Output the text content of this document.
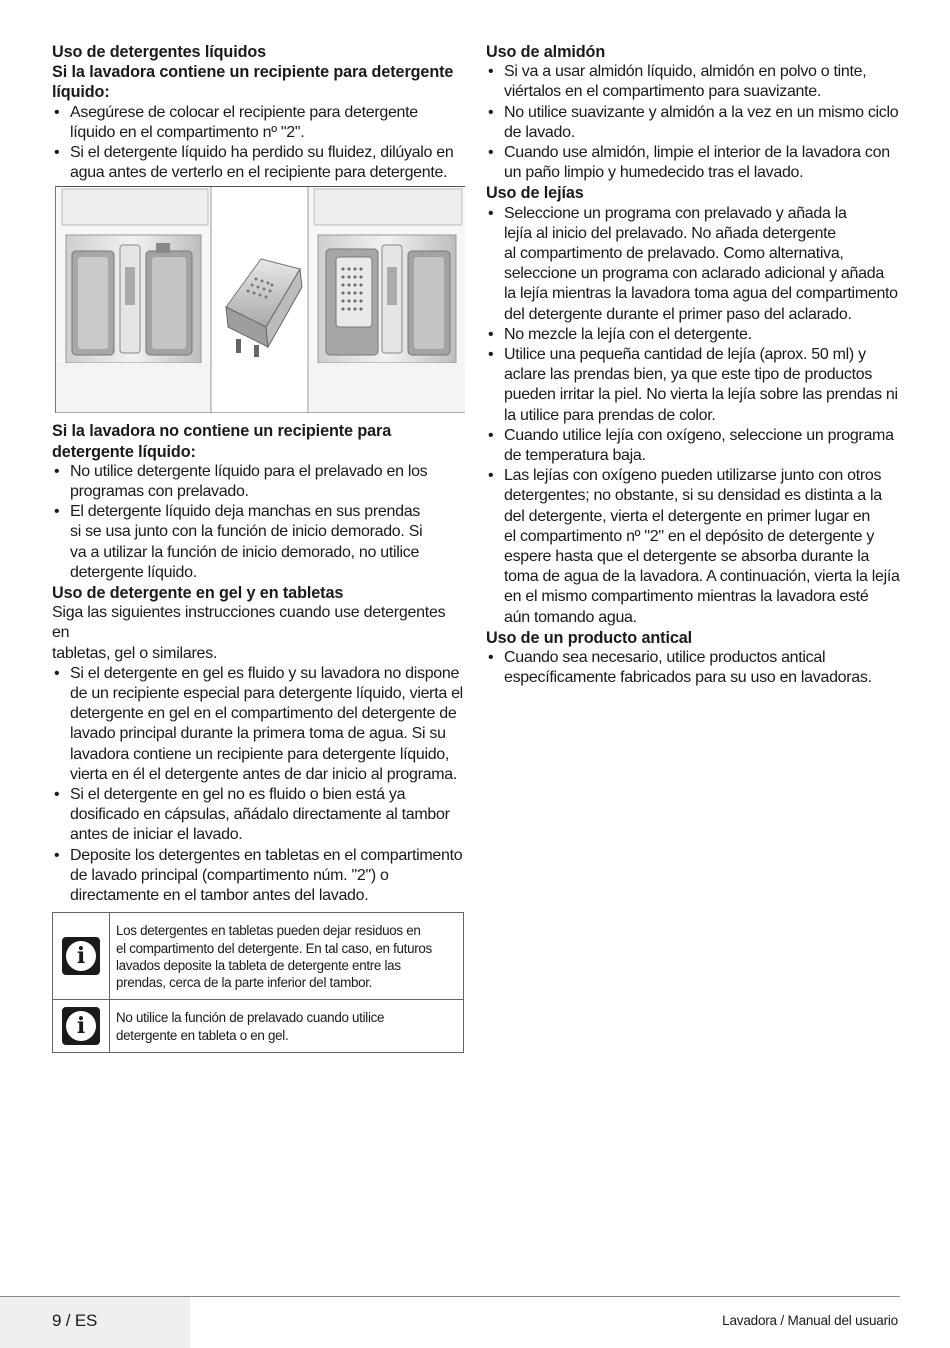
Uso de detergentes líquidos
Si la lavadora contiene un recipiente para detergente
líquido:
• Asegúrese de colocar el recipiente para detergente
líquido en el compartimento nº "2".
• Si el detergente líquido ha perdido su fluidez, dilúyalo en
agua antes de verterlo en el recipiente para detergente.
Si la lavadora no contiene un recipiente para
detergente líquido:
• No utilice detergente líquido para el prelavado en los
programas con prelavado.
• El detergente líquido deja manchas en sus prendas
si se usa junto con la función de inicio demorado. Si
va a utilizar la función de inicio demorado, no utilice
detergente líquido.
Uso de detergente en gel y en tabletas

Siga las siguientes instrucciones cuando use detergentes en
tabletas, gel o similares.

• Si el detergente en gel es fluido y su lavadora no dispone
de un recipiente especial para detergente líquido, vierta el
detergente en gel en el compartimento del detergente de
lavado principal durante la primera toma de agua. Si su
lavadora contiene un recipiente para detergente líquido,
vierta en él el detergente antes de dar inicio al programa.
• Si el detergente en gel no es fluido o bien está ya
dosificado en cápsulas, añádalo directamente al tambor
antes de iniciar el lavado.
• Deposite los detergentes en tabletas en el compartimento
de lavado principal (compartimento núm. "2") o
directamente en el tambor antes del lavado.
i
Los detergentes en tabletas pueden dejar residuos en
el compartimento del detergente. En tal caso, en futuros
lavados deposite la tableta de detergente entre las
prendas, cerca de la parte inferior del tambor.
i	No utilice la función de prelavado cuando utilice
detergente en tableta o en gel.
Uso de almidón
• Si va a usar almidón líquido, almidón en polvo o tinte,
viértalos en el compartimento para suavizante.
• No utilice suavizante y almidón a la vez en un mismo ciclo
de lavado.
• Cuando use almidón, limpie el interior de la lavadora con
un paño limpio y humedecido tras el lavado.
Uso de lejías
• Seleccione un programa con prelavado y añada la
lejía al inicio del prelavado. No añada detergente
al compartimento de prelavado. Como alternativa,
seleccione un programa con aclarado adicional y añada
la lejía mientras la lavadora toma agua del compartimento
del detergente durante el primer paso del aclarado.
• No mezcle la lejía con el detergente.
• Utilice una pequeña cantidad de lejía (aprox. 50 ml) y
aclare las prendas bien, ya que este tipo de productos
pueden irritar la piel. No vierta la lejía sobre las prendas ni
la utilice para prendas de color.
• Cuando utilice lejía con oxígeno, seleccione un programa
de temperatura baja.
• Las lejías con oxígeno pueden utilizarse junto con otros
detergentes; no obstante, si su densidad es distinta a la
del detergente, vierta el detergente en primer lugar en
el compartimento nº "2" en el depósito de detergente y
espere hasta que el detergente se absorba durante la
toma de agua de la lavadora. A continuación, vierta la lejía
en el mismo compartimento mientras la lavadora esté
aún tomando agua.
Uso de un producto antical
• Cuando sea necesario, utilice productos antical
específicamente fabricados para su uso en lavadoras.
9 / ES	Lavadora / Manual del usuario
